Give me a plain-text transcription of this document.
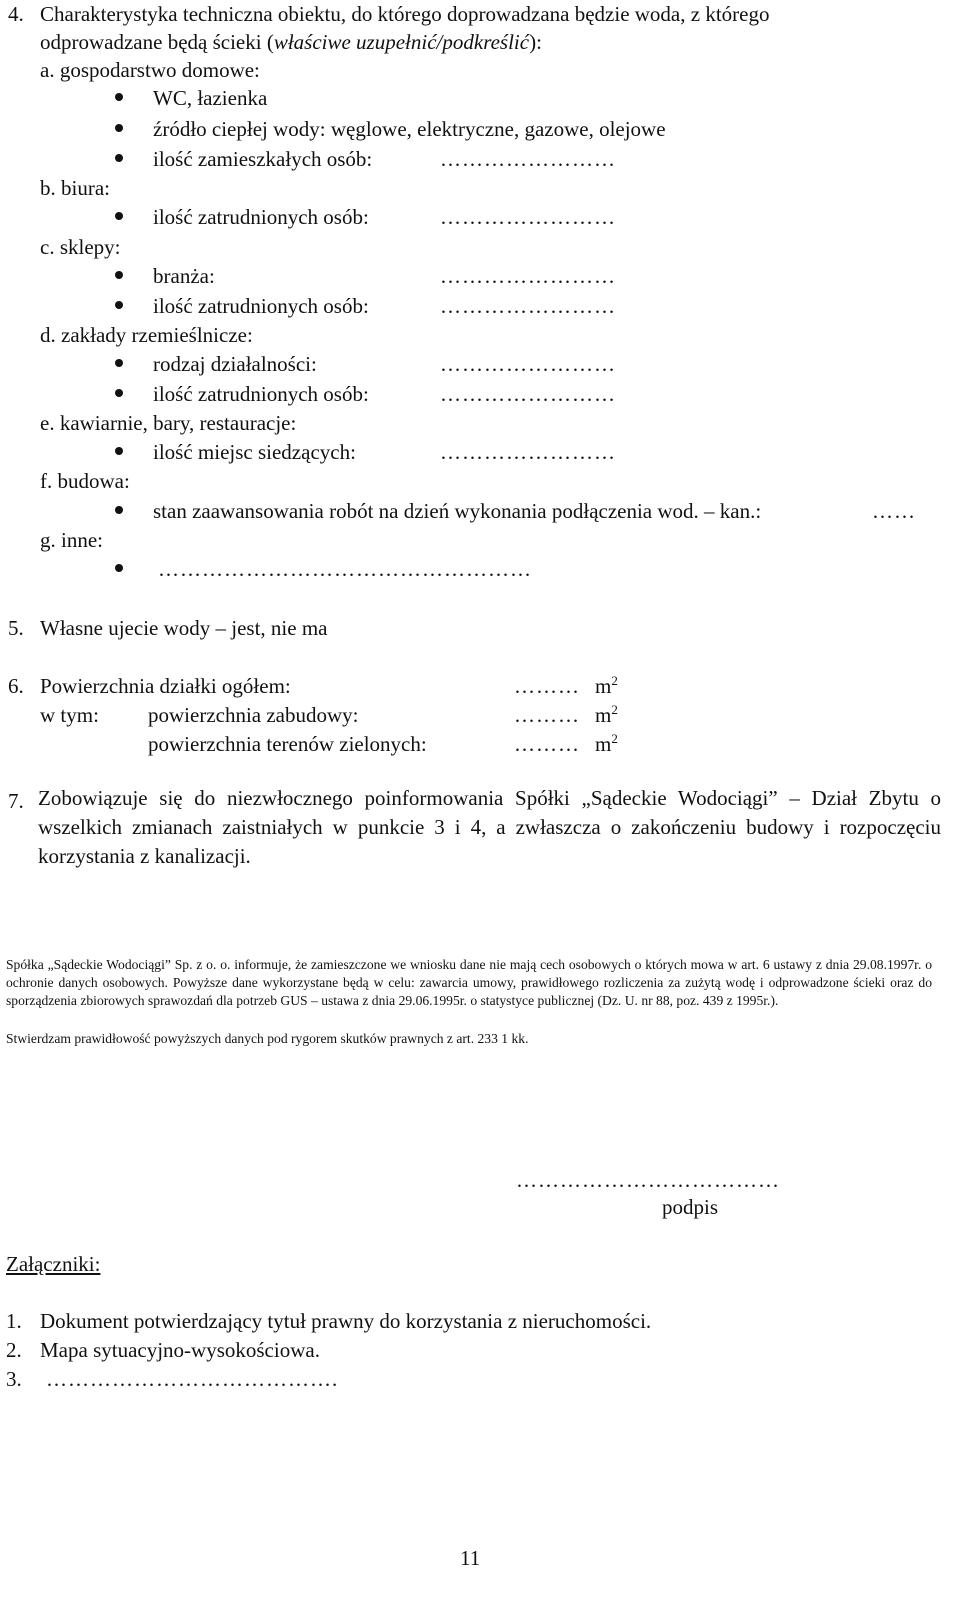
4. Charakterystyka techniczna obiektu, do którego doprowadzana będzie woda, z którego
odprowadzane będą ścieki (właściwe uzupełnić/podkreślić):
a. gospodarstwo domowe:
WC, łazienka
źródło ciepłej wody: węglowe, elektryczne, gazowe, olejowe
ilość zamieszkałych osób:	……………………
b. biura:
ilość zatrudnionych osób:	……………………
c. sklepy:
branża:	……………………
ilość zatrudnionych osób:	……………………
d. zakłady rzemieślnicze:
rodzaj działalności:	……………………
ilość zatrudnionych osób:	……………………
e. kawiarnie, bary, restauracje:
ilość miejsc siedzących:	……………………
f. budowa:
stan zaawansowania robót na dzień wykonania podłączenia wod. – kan.:	……
g. inne:
……………………………………………
5. Własne ujecie wody – jest, nie ma
6. Powierzchnia działki ogółem:	……… $m^2$
w tym: powierzchnia zabudowy:	……… $m^2$
powierzchnia terenów zielonych:	……… $m^2$
7. Zobowiązuje się do niezwłocznego poinformowania Spółki „Sądeckie Wodociągi” – Dział Zbytu o wszelkich zmianach zaistniałych w punkcie 3 i 4, a zwłaszcza o zakończeniu budowy i rozpoczęciu korzystania z kanalizacji.
Spółka „Sądeckie Wodociągi” Sp. z o. o. informuje, że zamieszczone we wniosku dane nie mają cech osobowych o których mowa w art. 6 ustawy z dnia 29.08.1997r. o ochronie danych osobowych. Powyższe dane wykorzystane będą w celu: zawarcia umowy, prawidłowego rozliczenia za zużytą wodę i odprowadzone ścieki oraz do sporządzenia zbiorowych sprawozdań dla potrzeb GUS – ustawa z dnia 29.06.1995r. o statystyce publicznej (Dz. U. nr 88, poz. 439 z 1995r.).
Stwierdzam prawidłowość powyższych danych pod rygorem skutków prawnych z art. 233 1 kk.
………………………………
podpis
Załączniki:
1. Dokument potwierdzający tytuł prawny do korzystania z nieruchomości.
2. Mapa sytuacyjno-wysokościowa.
3. ………………………………….
11
